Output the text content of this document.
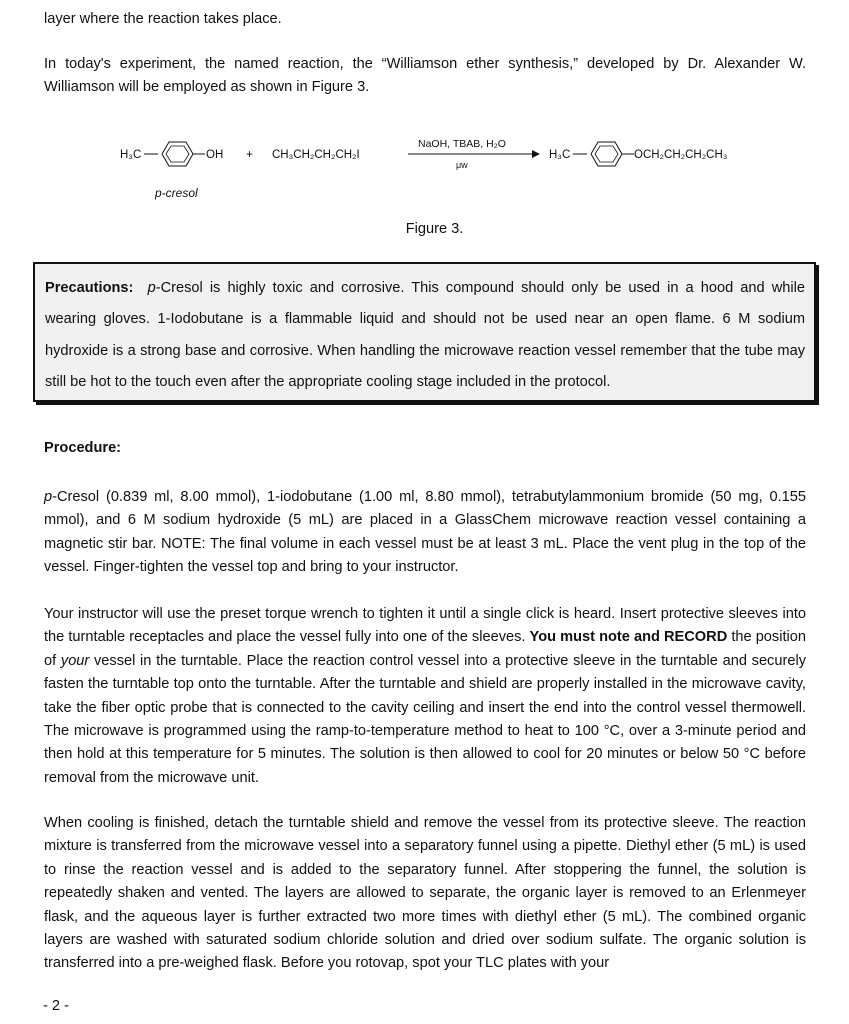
layer where the reaction takes place.

In today's experiment, the named reaction, the “Williamson ether synthesis,” developed by Dr. Alexander W. Williamson will be employed as shown in Figure 3.

H₃C	OH + CH₃CH₂CH₂CH₂I
NaOH, TBAB, H₂O
μw
H₃C	OCH₂CH₂CH₂CH₃
p-cresol
Figure 3.
Precautions: p-Cresol is highly toxic and corrosive. This compound should only be used in a hood and while wearing gloves. 1-Iodobutane is a flammable liquid and should not be used near an open flame. 6 M sodium hydroxide is a strong base and corrosive. When handling the microwave reaction vessel remember that the tube may still be hot to the touch even after the appropriate cooling stage included in the protocol.

Procedure:

p-Cresol (0.839 ml, 8.00 mmol), 1-iodobutane (1.00 ml, 8.80 mmol), tetrabutylammonium bromide (50 mg, 0.155 mmol), and 6 M sodium hydroxide (5 mL) are placed in a GlassChem microwave reaction vessel containing a magnetic stir bar. NOTE: The final volume in each vessel must be at least 3 mL. Place the vent plug in the top of the vessel. Finger-tighten the vessel top and bring to your instructor.

Your instructor will use the preset torque wrench to tighten it until a single click is heard. Insert protective sleeves into the turntable receptacles and place the vessel fully into one of the sleeves. You must note and RECORD the position of your vessel in the turntable. Place the reaction control vessel into a protective sleeve in the turntable and securely fasten the turntable top onto the turntable. After the turntable and shield are properly installed in the microwave cavity, take the fiber optic probe that is connected to the cavity ceiling and insert the end into the control vessel thermowell. The microwave is programmed using the ramp-to-temperature method to heat to 100 °C, over a 3-minute period and then hold at this temperature for 5 minutes. The solution is then allowed to cool for 20 minutes or below 50 °C before removal from the microwave unit.

When cooling is finished, detach the turntable shield and remove the vessel from its protective sleeve. The reaction mixture is transferred from the microwave vessel into a separatory funnel using a pipette. Diethyl ether (5 mL) is used to rinse the reaction vessel and is added to the separatory funnel. After stoppering the funnel, the solution is repeatedly shaken and vented. The layers are allowed to separate, the organic layer is removed to an Erlenmeyer flask, and the aqueous layer is further extracted two more times with diethyl ether (5 mL). The combined organic layers are washed with saturated sodium chloride solution and dried over sodium sulfate. The organic solution is transferred into a pre-weighed flask. Before you rotovap, spot your TLC plates with your

- 2 -
